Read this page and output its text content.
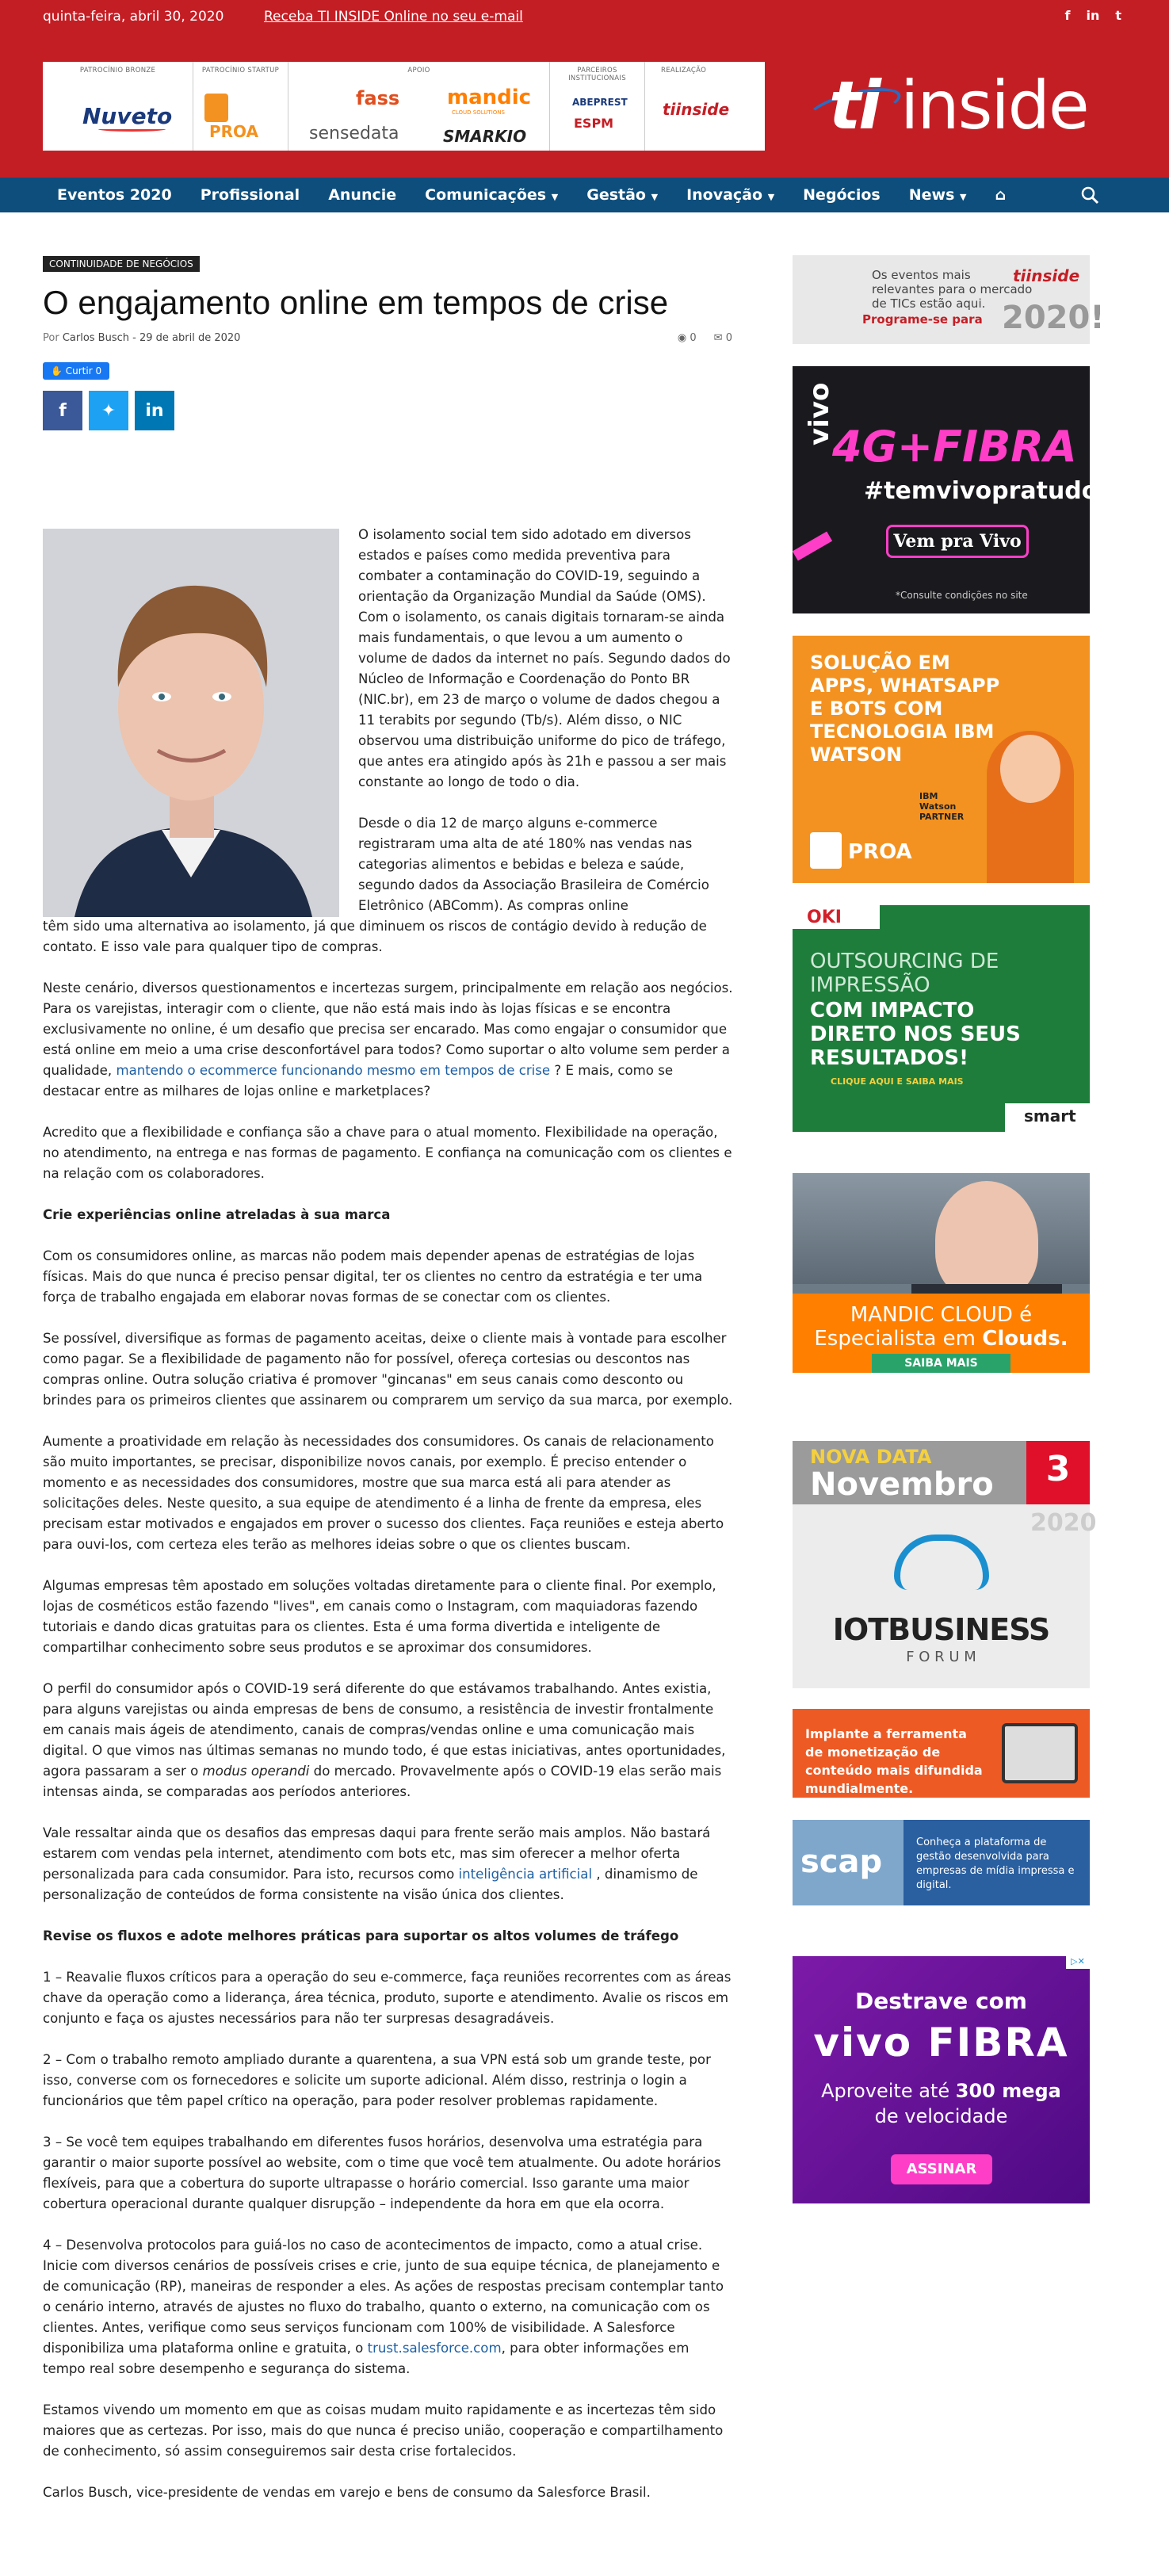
quinta-feira, abril 30, 2020	Receba TI INSIDE Online no seu e-mail	f in t
PATROCÍNIO BRONZE
Nuveto
PATROCÍNIO STARTUP
PROA
APOIO
fass mandic
CLOUD SOLUTIONS
sensedata	SMARKIO
PARCEIROS INSTITUCIONAIS
ABEPREST
ESPM
REALIZAÇÃO
tiinside ti inside
Eventos 2020	Profissional	Anuncie	Comunicações ▼	Gestão ▼	Inovação ▼	Negócios	News ▼	⌂
CONTINUIDADE DE NEGÓCIOS
O engajamento online em tempos de crise
Por Carlos Busch - 29 de abril de 2020	◉ 0 ✉ 0
✋ Curtir 0
f ✦ in

O isolamento social tem sido adotado em diversos estados e países como medida preventiva para combater a contaminação do COVID-19, seguindo a orientação da Organização Mundial da Saúde (OMS). Com o isolamento, os canais digitais tornaram-se ainda mais fundamentais, o que levou a um aumento o volume de dados da internet no país. Segundo dados do Núcleo de Informação e Coordenação do Ponto BR (NIC.br), em 23 de março o volume de dados chegou a 11 terabits por segundo (Tb/s). Além disso, o NIC observou uma distribuição uniforme do pico de tráfego, que antes era atingido após às 21h e passou a ser mais constante ao longo de todo o dia.

Desde o dia 12 de março alguns e-commerce registraram uma alta de até 180% nas vendas nas categorias alimentos e bebidas e beleza e saúde, segundo dados da Associação Brasileira de Comércio Eletrônico (ABComm). As compras online
têm sido uma alternativa ao isolamento, já que diminuem os riscos de contágio devido à redução de contato. E isso vale para qualquer tipo de compras.

Neste cenário, diversos questionamentos e incertezas surgem, principalmente em relação aos negócios. Para os varejistas, interagir com o cliente, que não está mais indo às lojas físicas e se encontra exclusivamente no online, é um desafio que precisa ser encarado. Mas como engajar o consumidor que está online em meio a uma crise desconfortável para todos? Como suportar o alto volume sem perder a qualidade, mantendo o ecommerce funcionando mesmo em tempos de crise ? E mais, como se destacar entre as milhares de lojas online e marketplaces?

Acredito que a flexibilidade e confiança são a chave para o atual momento. Flexibilidade na operação, no atendimento, na entrega e nas formas de pagamento. E confiança na comunicação com os clientes e na relação com os colaboradores.

Crie experiências online atreladas à sua marca

Com os consumidores online, as marcas não podem mais depender apenas de estratégias de lojas físicas. Mais do que nunca é preciso pensar digital, ter os clientes no centro da estratégia e ter uma força de trabalho engajada em elaborar novas formas de se conectar com os clientes.

Se possível, diversifique as formas de pagamento aceitas, deixe o cliente mais à vontade para escolher como pagar. Se a flexibilidade de pagamento não for possível, ofereça cortesias ou descontos nas compras online. Outra solução criativa é promover "gincanas" em seus canais como desconto ou brindes para os primeiros clientes que assinarem ou comprarem um serviço da sua marca, por exemplo.

Aumente a proatividade em relação às necessidades dos consumidores. Os canais de relacionamento são muito importantes, se precisar, disponibilize novos canais, por exemplo. É preciso entender o momento e as necessidades dos consumidores, mostre que sua marca está ali para atender as solicitações deles. Neste quesito, a sua equipe de atendimento é a linha de frente da empresa, eles precisam estar motivados e engajados em prover o sucesso dos clientes. Faça reuniões e esteja aberto para ouvi-los, com certeza eles terão as melhores ideias sobre o que os clientes buscam.

Algumas empresas têm apostado em soluções voltadas diretamente para o cliente final. Por exemplo, lojas de cosméticos estão fazendo "lives", em canais como o Instagram, com maquiadoras fazendo tutoriais e dando dicas gratuitas para os clientes. Esta é uma forma divertida e inteligente de compartilhar conhecimento sobre seus produtos e se aproximar dos consumidores.

O perfil do consumidor após o COVID-19 será diferente do que estávamos trabalhando. Antes existia, para alguns varejistas ou ainda empresas de bens de consumo, a resistência de investir frontalmente em canais mais ágeis de atendimento, canais de compras/vendas online e uma comunicação mais digital. O que vimos nas últimas semanas no mundo todo, é que estas iniciativas, antes oportunidades, agora passaram a ser o modus operandi do mercado. Provavelmente após o COVID-19 elas serão mais intensas ainda, se comparadas aos períodos anteriores.

Vale ressaltar ainda que os desafios das empresas daqui para frente serão mais amplos. Não bastará estarem com vendas pela internet, atendimento com bots etc, mas sim oferecer a melhor oferta personalizada para cada consumidor. Para isto, recursos como inteligência artificial , dinamismo de personalização de conteúdos de forma consistente na visão única dos clientes.

Revise os fluxos e adote melhores práticas para suportar os altos volumes de tráfego

1 – Reavalie fluxos críticos para a operação do seu e-commerce, faça reuniões recorrentes com as áreas chave da operação como a liderança, área técnica, produto, suporte e atendimento. Avalie os riscos em conjunto e faça os ajustes necessários para não ter surpresas desagradáveis.

2 – Com o trabalho remoto ampliado durante a quarentena, a sua VPN está sob um grande teste, por isso, converse com os fornecedores e solicite um suporte adicional. Além disso, restrinja o login a funcionários que têm papel crítico na operação, para poder resolver problemas rapidamente.

3 – Se você tem equipes trabalhando em diferentes fusos horários, desenvolva uma estratégia para garantir o maior suporte possível ao website, com o time que você tem atualmente. Ou adote horários flexíveis, para que a cobertura do suporte ultrapasse o horário comercial. Isso garante uma maior cobertura operacional durante qualquer disrupção – independente da hora em que ela ocorra.

4 – Desenvolva protocolos para guiá-los no caso de acontecimentos de impacto, como a atual crise. Inicie com diversos cenários de possíveis crises e crie, junto de sua equipe técnica, de planejamento e de comunicação (RP), maneiras de responder a eles. As ações de respostas precisam contemplar tanto o cenário interno, através de ajustes no fluxo do trabalho, quanto o externo, na comunicação com os clientes. Antes, verifique como seus serviços funcionam com 100% de visibilidade. A Salesforce disponibiliza uma plataforma online e gratuita, o trust.salesforce.com, para obter informações em tempo real sobre desempenho e segurança do sistema.

Estamos vivendo um momento em que as coisas mudam muito rapidamente e as incertezas têm sido maiores que as certezas. Por isso, mais do que nunca é preciso união, cooperação e compartilhamento de conhecimento, só assim conseguiremos sair desta crise fortalecidos.

Carlos Busch, vice-presidente de vendas em varejo e bens de consumo da Salesforce Brasil.

Os eventos mais
relevantes para o mercado
de TICs estão aqui.
Programe-se para
tiinside
2020!
vivo
4G+FIBRA
#temvivopratudo
Vem pra Vivo
*Consulte condições no site
SOLUÇÃO EM APPS, WHATSAPP E BOTS COM TECNOLOGIA IBM WATSON
PROA
IBM Watson PARTNER
OKI
OUTSOURCING DE IMPRESSÃO
COM IMPACTO DIRETO NOS SEUS RESULTADOS!
CLIQUE AQUI E SAIBA MAIS
smart
MANDIC CLOUD é
Especialista em Clouds.
SAIBA MAIS
NOVA DATA
Novembro	3
2020
IOTBUSINESS
F O R U M
Implante a ferramenta de monetização de conteúdo mais difundida mundialmente.
scap
Conheça a plataforma de gestão desenvolvida para empresas de mídia impressa e digital.
▷✕
Destrave com
vivo FIBRA
Aproveite até 300 mega
de velocidade
ASSINAR
